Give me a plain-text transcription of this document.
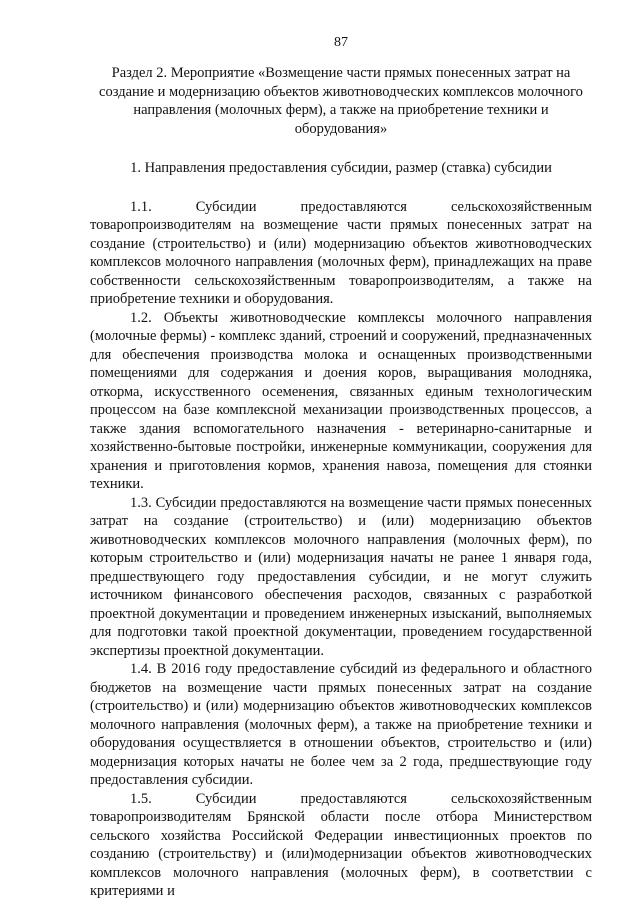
87
Раздел 2. Мероприятие «Возмещение части прямых понесенных затрат на создание и модернизацию объектов животноводческих комплексов молочного направления (молочных ферм), а также на приобретение техники и оборудования»
1. Направления предоставления субсидии, размер (ставка) субсидии

1.1. Субсидии предоставляются сельскохозяйственным товаропроизводителям на возмещение части прямых понесенных затрат на создание (строительство) и (или) модернизацию объектов животноводческих комплексов молочного направления (молочных ферм), принадлежащих на праве собственности сельскохозяйственным товаропроизводителям, а также на приобретение техники и оборудования.

1.2. Объекты животноводческие комплексы молочного направления (молочные фермы) - комплекс зданий, строений и сооружений, предназначенных для обеспечения производства молока и оснащенных производственными помещениями для содержания и доения коров, выращивания молодняка, откорма, искусственного осеменения, связанных единым технологическим процессом на базе комплексной механизации производственных процессов, а также здания вспомогательного назначения - ветеринарно-санитарные и хозяйственно-бытовые постройки, инженерные коммуникации, сооружения для хранения и приготовления кормов, хранения навоза, помещения для стоянки техники.

1.3. Субсидии предоставляются на возмещение части прямых понесенных затрат на создание (строительство) и (или) модернизацию объектов животноводческих комплексов молочного направления (молочных ферм), по которым строительство и (или) модернизация начаты не ранее 1 января года, предшествующего году предоставления субсидии, и не могут служить источником финансового обеспечения расходов, связанных с разработкой проектной документации и проведением инженерных изысканий, выполняемых для подготовки такой проектной документации, проведением государственной экспертизы проектной документации.

1.4. В 2016 году предоставление субсидий из федерального и областного бюджетов на возмещение части прямых понесенных затрат на создание (строительство) и (или) модернизацию объектов животноводческих комплексов молочного направления (молочных ферм), а также на приобретение техники и оборудования осуществляется в отношении объектов, строительство и (или) модернизация которых начаты не более чем за 2 года, предшествующие году предоставления субсидии.

1.5. Субсидии предоставляются сельскохозяйственным товаропроизводителям Брянской области после отбора Министерством сельского хозяйства Российской Федерации инвестиционных проектов по созданию (строительству) и (или)модернизации объектов животноводческих комплексов молочного направления (молочных ферм), в соответствии с критериями и
